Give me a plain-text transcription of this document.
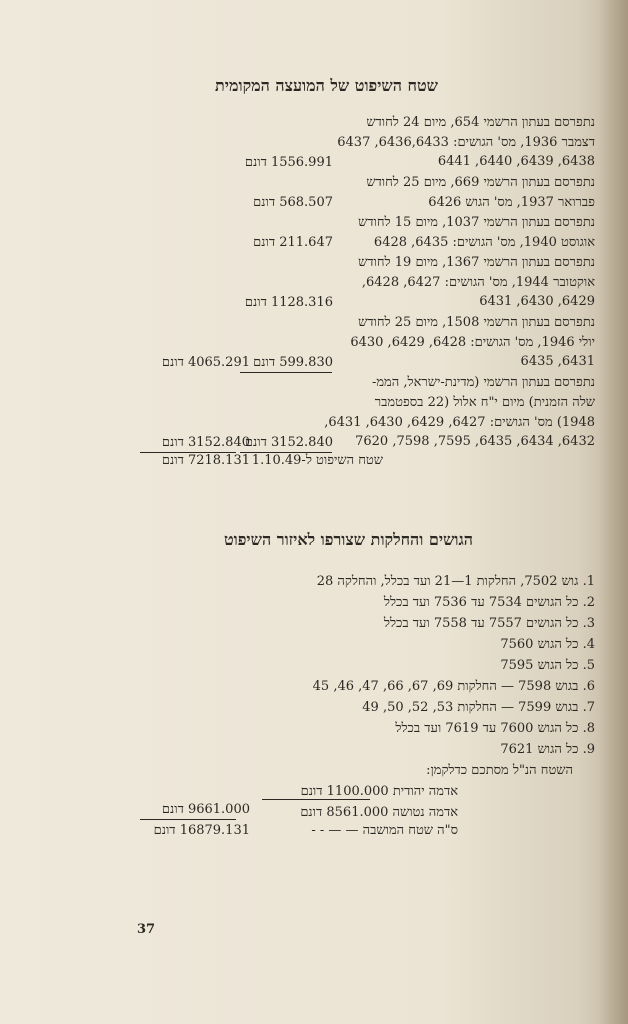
שטח השיפוט של המועצה המקומית
נתפרסם בעתון הרשמי 654, מיום 24 לחודש
דצמבר 1936, מס' הגושים: 6436,6433, 6437
6438, 6439, 6440, 6441
נתפרסם בעתון הרשמי 669, מיום 25 לחודש
פברואר 1937, מס' הגוש 6426
נתפרסם בעתון הרשמי 1037, מיום 15 לחודש
אוגוסט 1940, מס' הגושים: 6435, 6428
נתפרסם בעתון הרשמי 1367, מיום 19 לחודש
אוקטובר 1944, מס' הגושים: 6427, 6428,
6429, 6430, 6431
נתפרסם בעתון הרשמי 1508, מיום 25 לחודש
יולי 1946, מס' הגושים: 6428, 6429, 6430
6431, 6435
נתפרסם בעתון הרשמי (מדינת-ישראל, הממ-
שלה הזמנית) מיום י"ח אלול (22 בספטמבר
1948) מס' הגושים: 6427, 6429, 6430, 6431,
6432, 6434, 6435, 7595, 7598, 7620
1556.991 דונם
568.507 דונם
211.647 דונם
1128.316 דונם
599.830 דונם
4065.291 דונם
3152.840 דונם
3152.840 דונם
שטח השיפוט ל-1.10.49
7218.131 דונם
הגושים והחלקות שצורפו לאיזור השיפוט
1. גוש 7502, החלקות 1—21 ועד בכלל, והחלקה 28
2. כל הגושים 7534 עד 7536 ועד בכלל
3. כל הגושים 7557 עד 7558 ועד בכלל
4. כל הגוש 7560
5. כל הגוש 7595
6. בגוש 7598 — החלקות 69, 67, 66, 47, 46, 45
7. בגוש 7599 — החלקות 53, 52, 50, 49
8. כל הגוש 7600 עד 7619 ועד בכלל
9. כל הגוש 7621
השטח הנ"ל מסתכם כדלקמן:
אדמה יהודית 1100.000 דונם
אדמה נטושה 8561.000 דונם
9661.000 דונם
ס"ה שטח המושבה — — - -
16879.131 דונם
37
